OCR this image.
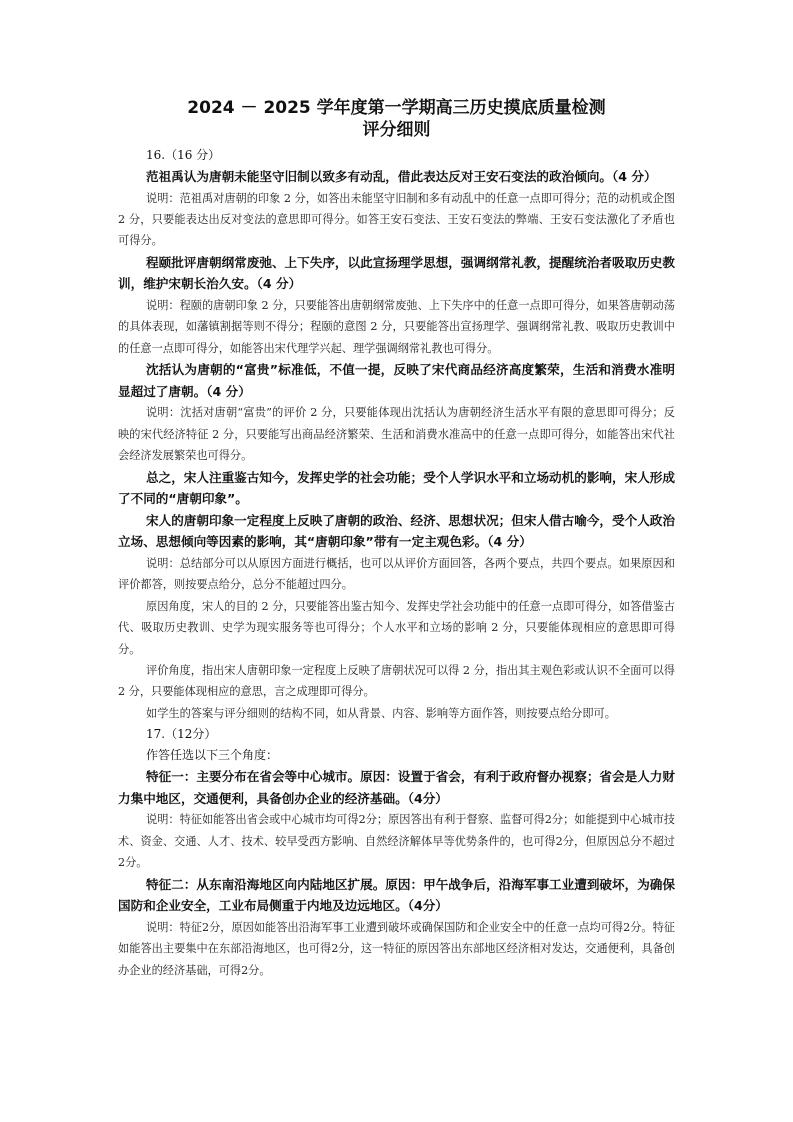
2024 － 2025 学年度第一学期高三历史摸底质量检测

评分细则

16.（16 分）

范祖禹认为唐朝未能坚守旧制以致多有动乱，借此表达反对王安石变法的政治倾向。（4 分）

说明：范祖禹对唐朝的印象 2 分，如答出未能坚守旧制和多有动乱中的任意一点即可得分；范的动机或企图 2 分，只要能表达出反对变法的意思即可得分。如答王安石变法、王安石变法的弊端、王安石变法激化了矛盾也可得分。

程颐批评唐朝纲常废弛、上下失序，以此宣扬理学思想，强调纲常礼教，提醒统治者吸取历史教训，维护宋朝长治久安。（4 分）

说明：程颐的唐朝印象 2 分，只要能答出唐朝纲常废弛、上下失序中的任意一点即可得分，如果答唐朝动荡的具体表现，如藩镇割据等则不得分；程颐的意图 2 分，只要能答出宣扬理学、强调纲常礼教、吸取历史教训中的任意一点即可得分，如能答出宋代理学兴起、理学强调纲常礼教也可得分。

沈括认为唐朝的“富贵”标准低，不值一提，反映了宋代商品经济高度繁荣，生活和消费水准明显超过了唐朝。（4 分）

说明：沈括对唐朝“富贵”的评价 2 分，只要能体现出沈括认为唐朝经济生活水平有限的意思即可得分；反映的宋代经济特征 2 分，只要能写出商品经济繁荣、生活和消费水准高中的任意一点即可得分，如能答出宋代社会经济发展繁荣也可得分。

总之，宋人注重鉴古知今，发挥史学的社会功能；受个人学识水平和立场动机的影响，宋人形成了不同的“唐朝印象”。

宋人的唐朝印象一定程度上反映了唐朝的政治、经济、思想状况；但宋人借古喻今，受个人政治立场、思想倾向等因素的影响，其“唐朝印象”带有一定主观色彩。（4 分）

说明：总结部分可以从原因方面进行概括，也可以从评价方面回答，各两个要点，共四个要点。如果原因和评价都答，则按要点给分，总分不能超过四分。

原因角度，宋人的目的 2 分，只要能答出鉴古知今、发挥史学社会功能中的任意一点即可得分，如答借鉴古代、吸取历史教训、史学为现实服务等也可得分；个人水平和立场的影响 2 分，只要能体现相应的意思即可得分。

评价角度，指出宋人唐朝印象一定程度上反映了唐朝状况可以得 2 分，指出其主观色彩或认识不全面可以得 2 分，只要能体现相应的意思，言之成理即可得分。

如学生的答案与评分细则的结构不同，如从背景、内容、影响等方面作答，则按要点给分即可。

17.（12分）

作答任选以下三个角度：

特征一：主要分布在省会等中心城市。原因：设置于省会，有利于政府督办视察；省会是人力财力集中地区，交通便利，具备创办企业的经济基础。（4分）

说明：特征如能答出省会或中心城市均可得2分；原因答出有利于督察、监督可得2分；如能提到中心城市技术、资金、交通、人才、技术、较早受西方影响、自然经济解体早等优势条件的，也可得2分，但原因总分不超过2分。

特征二：从东南沿海地区向内陆地区扩展。原因：甲午战争后，沿海军事工业遭到破坏，为确保国防和企业安全，工业布局侧重于内地及边远地区。（4分）

说明：特征2分，原因如能答出沿海军事工业遭到破坏或确保国防和企业安全中的任意一点均可得2分。特征如能答出主要集中在东部沿海地区，也可得2分，这一特征的原因答出东部地区经济相对发达，交通便利，具备创办企业的经济基础，可得2分。
